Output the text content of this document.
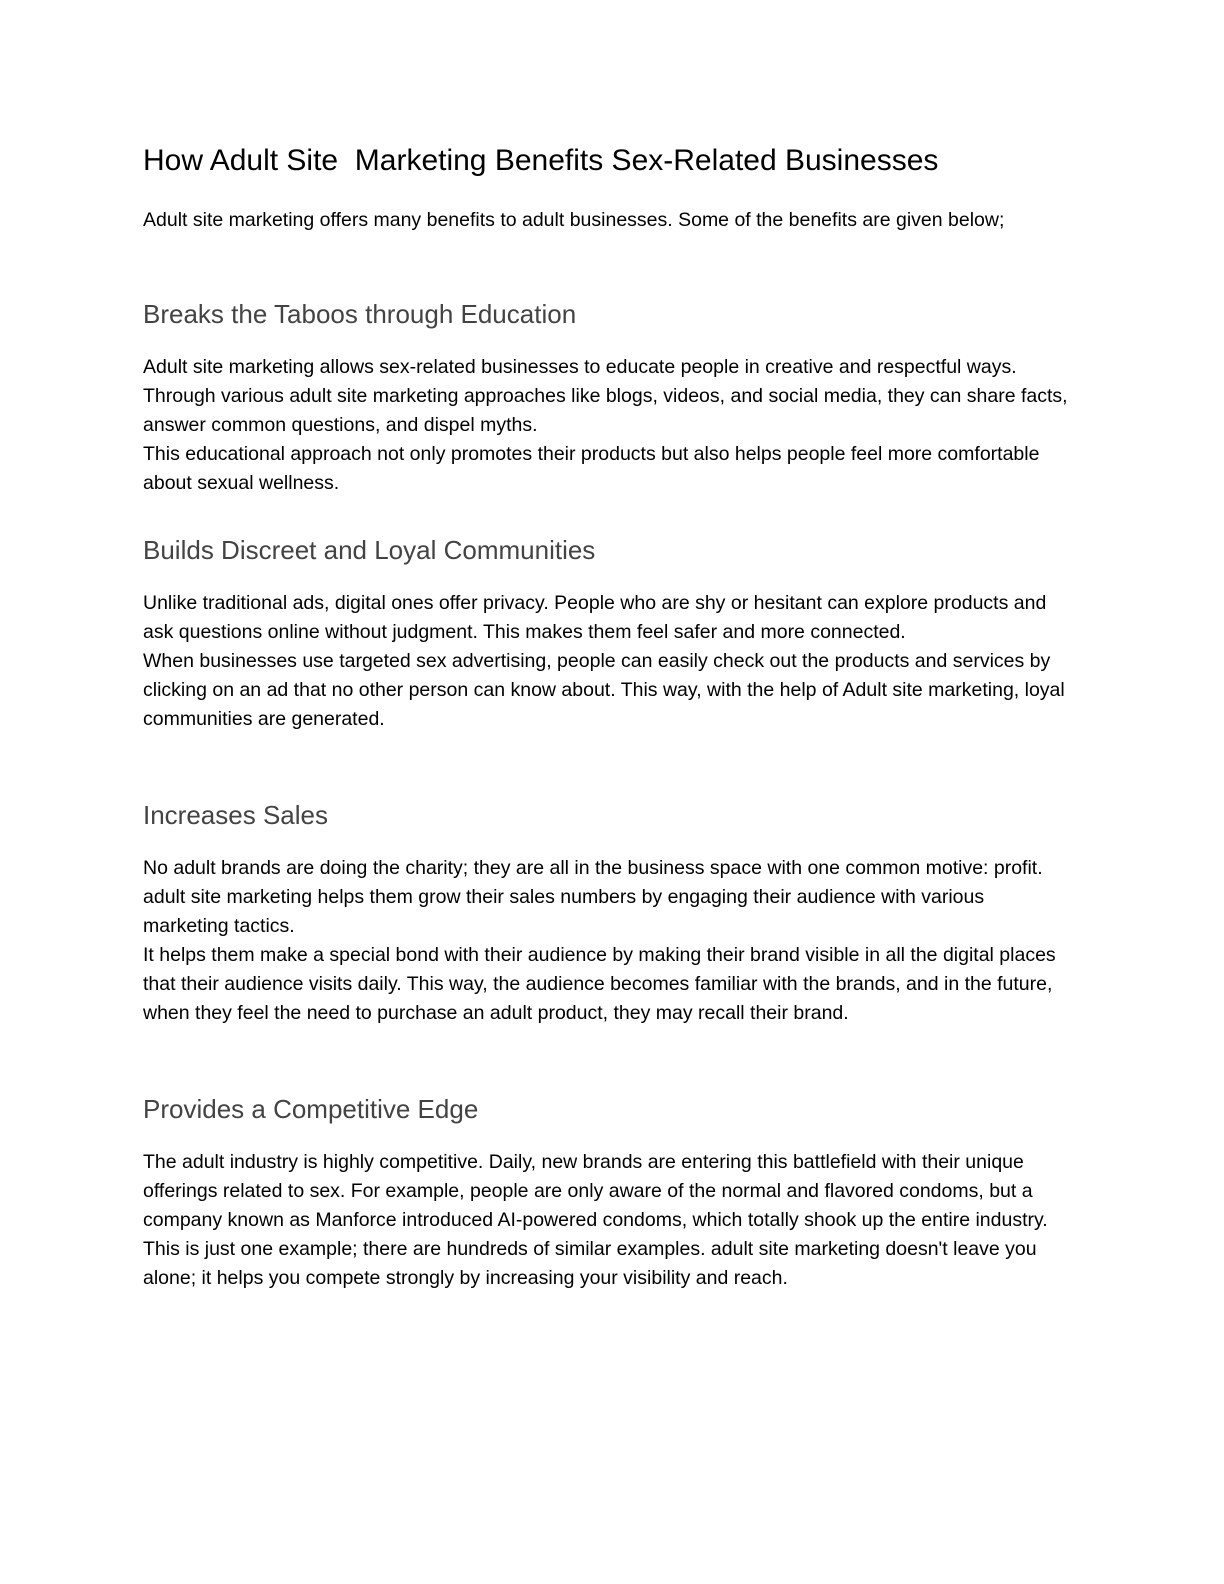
How Adult Site  Marketing Benefits Sex-Related Businesses

Adult site marketing offers many benefits to adult businesses. Some of the benefits are given below;

Breaks the Taboos through Education

Adult site marketing allows sex-related businesses to educate people in creative and respectful ways. Through various adult site marketing approaches like blogs, videos, and social media, they can share facts, answer common questions, and dispel myths.

This educational approach not only promotes their products but also helps people feel more comfortable about sexual wellness.

Builds Discreet and Loyal Communities

Unlike traditional ads, digital ones offer privacy. People who are shy or hesitant can explore products and ask questions online without judgment. This makes them feel safer and more connected.

When businesses use targeted sex advertising, people can easily check out the products and services by clicking on an ad that no other person can know about. This way, with the help of Adult site marketing, loyal communities are generated.

Increases Sales

No adult brands are doing the charity; they are all in the business space with one common motive: profit. adult site marketing helps them grow their sales numbers by engaging their audience with various marketing tactics.

It helps them make a special bond with their audience by making their brand visible in all the digital places that their audience visits daily. This way, the audience becomes familiar with the brands, and in the future, when they feel the need to purchase an adult product, they may recall their brand.

Provides a Competitive Edge

The adult industry is highly competitive. Daily, new brands are entering this battlefield with their unique offerings related to sex. For example, people are only aware of the normal and flavored condoms, but a company known as Manforce introduced AI-powered condoms, which totally shook up the entire industry.

This is just one example; there are hundreds of similar examples. adult site marketing doesn't leave you alone; it helps you compete strongly by increasing your visibility and reach.
